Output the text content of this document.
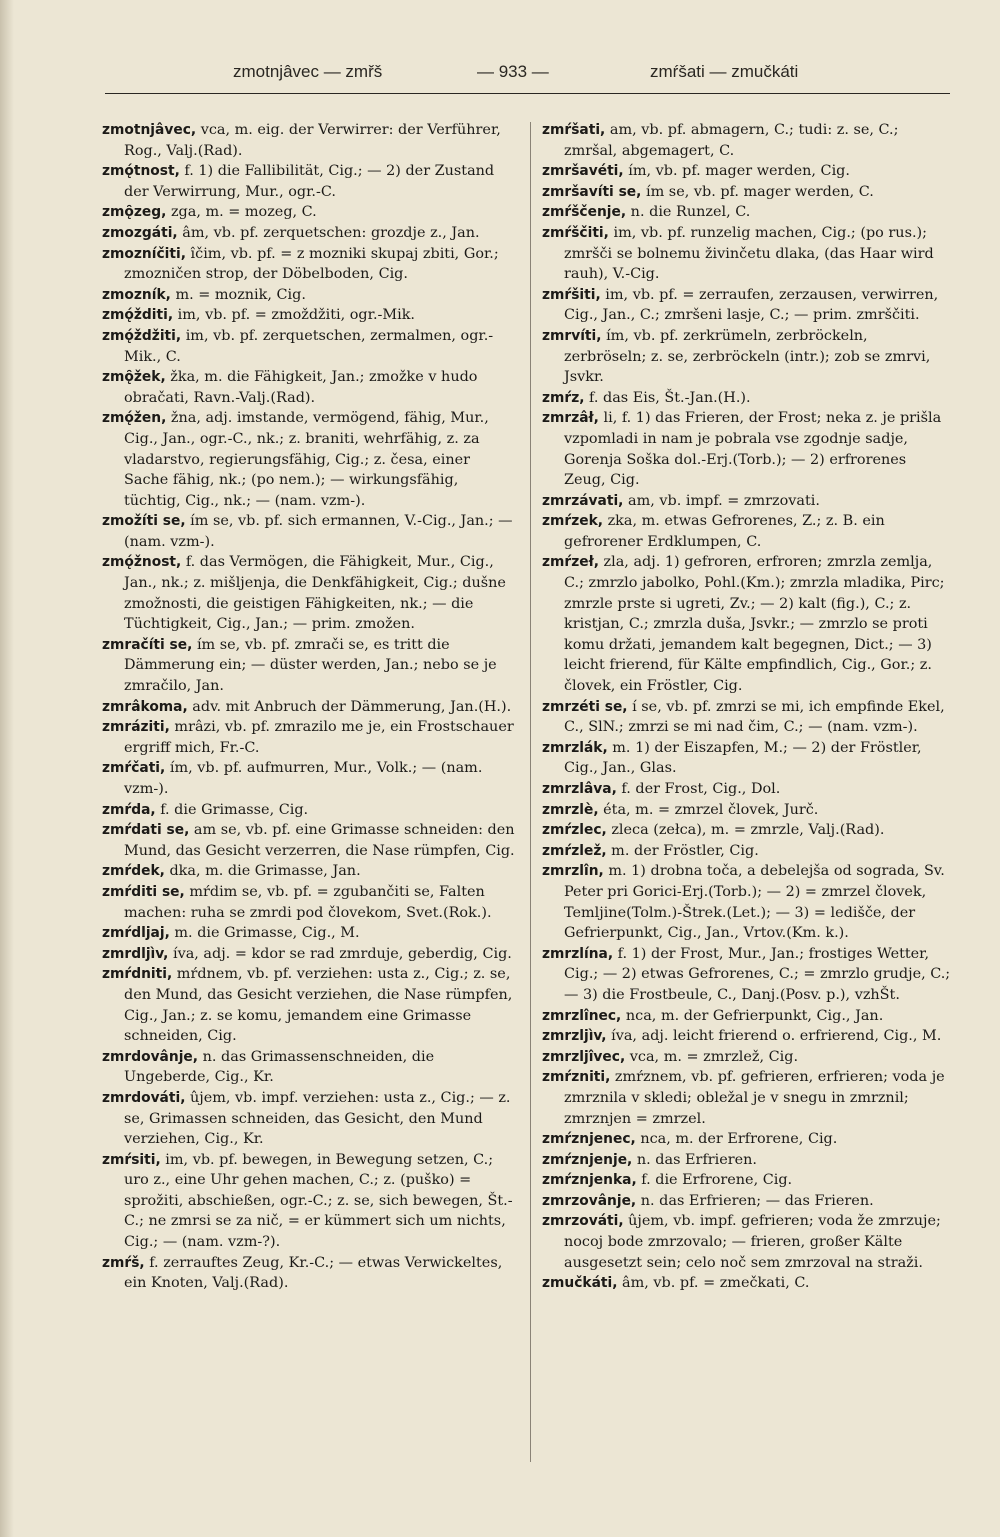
zmotnjâvec — zmřš	— 933 —	zmŕšati — zmučkáti

zmotnjâvec, vca, m. eig. der Verwirrer: der Verführer, Rog., Valj.(Rad).

zmǫ́tnost, f. 1) die Fallibilität, Cig.; — 2) der Zustand der Verwirrung, Mur., ogr.-C.

zmǫ̑zeg, zga, m. = mozeg, C.

zmozgáti, âm, vb. pf. zerquetschen: grozdje z., Jan.

zmozníčiti, îčim, vb. pf. = z mozniki skupaj zbiti, Gor.; zmozničen strop, der Döbelboden, Cig.

zmozník, m. = moznik, Cig.

zmǫ́žditi, im, vb. pf. = zmoždžiti, ogr.-Mik.

zmǫ́ždžiti, im, vb. pf. zerquetschen, zermalmen, ogr.-Mik., C.

zmǫ̑žek, žka, m. die Fähigkeit, Jan.; zmožke v hudo obračati, Ravn.-Valj.(Rad).

zmǫ́žen, žna, adj. imstande, vermögend, fähig, Mur., Cig., Jan., ogr.-C., nk.; z. braniti, wehrfähig, z. za vladarstvo, regierungsfähig, Cig.; z. česa, einer Sache fähig, nk.; (po nem.); — wirkungsfähig, tüchtig, Cig., nk.; — (nam. vzm-).

zmožíti se, ím se, vb. pf. sich ermannen, V.-Cig., Jan.; — (nam. vzm-).

zmǫ́žnost, f. das Vermögen, die Fähigkeit, Mur., Cig., Jan., nk.; z. mišljenja, die Denkfähigkeit, Cig.; dušne zmožnosti, die geistigen Fähigkeiten, nk.; — die Tüchtigkeit, Cig., Jan.; — prim. zmožen.

zmračíti se, ím se, vb. pf. zmrači se, es tritt die Dämmerung ein; — düster werden, Jan.; nebo se je zmračilo, Jan.

zmrâkoma, adv. mit Anbruch der Dämmerung, Jan.(H.).

zmráziti, mrâzi, vb. pf. zmrazilo me je, ein Frostschauer ergriff mich, Fr.-C.

zmŕčati, ím, vb. pf. aufmurren, Mur., Volk.; — (nam. vzm-).

zmŕda, f. die Grimasse, Cig.

zmŕdati se, am se, vb. pf. eine Grimasse schneiden: den Mund, das Gesicht verzerren, die Nase rümpfen, Cig.

zmŕdek, dka, m. die Grimasse, Jan.

zmŕditi se, mŕdim se, vb. pf. = zgubančiti se, Falten machen: ruha se zmrdi pod človekom, Svet.(Rok.).

zmŕdljaj, m. die Grimasse, Cig., M.

zmrdljìv, íva, adj. = kdor se rad zmrduje, geberdig, Cig.

zmŕdniti, mŕdnem, vb. pf. verziehen: usta z., Cig.; z. se, den Mund, das Gesicht verziehen, die Nase rümpfen, Cig., Jan.; z. se komu, jemandem eine Grimasse schneiden, Cig.

zmrdovânje, n. das Grimassenschneiden, die Ungeberde, Cig., Kr.

zmrdováti, ûjem, vb. impf. verziehen: usta z., Cig.; — z. se, Grimassen schneiden, das Gesicht, den Mund verziehen, Cig., Kr.

zmŕsiti, im, vb. pf. bewegen, in Bewegung setzen, C.; uro z., eine Uhr gehen machen, C.; z. (puško) = sprožiti, abschießen, ogr.-C.; z. se, sich bewegen, Št.-C.; ne zmrsi se za nič, = er kümmert sich um nichts, Cig.; — (nam. vzm-?).

zmŕš, f. zerrauftes Zeug, Kr.-C.; — etwas Verwickeltes, ein Knoten, Valj.(Rad).

zmŕšati, am, vb. pf. abmagern, C.; tudi: z. se, C.; zmršal, abgemagert, C.

zmršavéti, ím, vb. pf. mager werden, Cig.

zmršavíti se, ím se, vb. pf. mager werden, C.

zmŕščenje, n. die Runzel, C.

zmŕščiti, im, vb. pf. runzelig machen, Cig.; (po rus.); zmršči se bolnemu živinčetu dlaka, (das Haar wird rauh), V.-Cig.

zmŕšiti, im, vb. pf. = zerraufen, zerzausen, verwirren, Cig., Jan., C.; zmršeni lasje, C.; — prim. zmrščiti.

zmrvíti, ím, vb. pf. zerkrümeln, zerbröckeln, zerbröseln; z. se, zerbröckeln (intr.); zob se zmrvi, Jsvkr.

zmŕz, f. das Eis, Št.-Jan.(H.).

zmrzâł, li, f. 1) das Frieren, der Frost; neka z. je prišla vzpomladi in nam je pobrala vse zgodnje sadje, Gorenja Soška dol.-Erj.(Torb.); — 2) erfrorenes Zeug, Cig.

zmrzávati, am, vb. impf. = zmrzovati.

zmŕzek, zka, m. etwas Gefrorenes, Z.; z. B. ein gefrorener Erdklumpen, C.

zmŕzeł, zla, adj. 1) gefroren, erfroren; zmrzla zemlja, C.; zmrzlo jabolko, Pohl.(Km.); zmrzla mladika, Pirc; zmrzle prste si ugreti, Zv.; — 2) kalt (fig.), C.; z. kristjan, C.; zmrzla duša, Jsvkr.; — zmrzlo se proti komu držati, jemandem kalt begegnen, Dict.; — 3) leicht frierend, für Kälte empfindlich, Cig., Gor.; z. človek, ein Fröstler, Cig.

zmrzéti se, í se, vb. pf. zmrzi se mi, ich empfinde Ekel, C., SlN.; zmrzi se mi nad čim, C.; — (nam. vzm-).

zmrzlák, m. 1) der Eiszapfen, M.; — 2) der Fröstler, Cig., Jan., Glas.

zmrzlâva, f. der Frost, Cig., Dol.

zmrzlè, éta, m. = zmrzel človek, Jurč.

zmŕzlec, zleca (zełca), m. = zmrzle, Valj.(Rad).

zmŕzlež, m. der Fröstler, Cig.

zmrzlîn, m. 1) drobna toča, a debelejša od sograda, Sv. Peter pri Gorici-Erj.(Torb.); — 2) = zmrzel človek, Temljine(Tolm.)-Štrek.(Let.); — 3) = ledišče, der Gefrierpunkt, Cig., Jan., Vrtov.(Km. k.).

zmrzlína, f. 1) der Frost, Mur., Jan.; frostiges Wetter, Cig.; — 2) etwas Gefrorenes, C.; = zmrzlo grudje, C.; — 3) die Frostbeule, C., Danj.(Posv. p.), vzhŠt.

zmrzlînec, nca, m. der Gefrierpunkt, Cig., Jan.

zmrzljìv, íva, adj. leicht frierend o. erfrierend, Cig., M.

zmrzljîvec, vca, m. = zmrzlež, Cig.

zmŕzniti, zmŕznem, vb. pf. gefrieren, erfrieren; voda je zmrznila v skledi; obležal je v snegu in zmrznil; zmrznjen = zmrzel.

zmŕznjenec, nca, m. der Erfrorene, Cig.

zmŕznjenje, n. das Erfrieren.

zmŕznjenka, f. die Erfrorene, Cig.

zmrzovânje, n. das Erfrieren; — das Frieren.

zmrzováti, ûjem, vb. impf. gefrieren; voda že zmrzuje; nocoj bode zmrzovalo; — frieren, großer Kälte ausgesetzt sein; celo noč sem zmrzoval na straži.

zmučkáti, âm, vb. pf. = zmečkati, C.
